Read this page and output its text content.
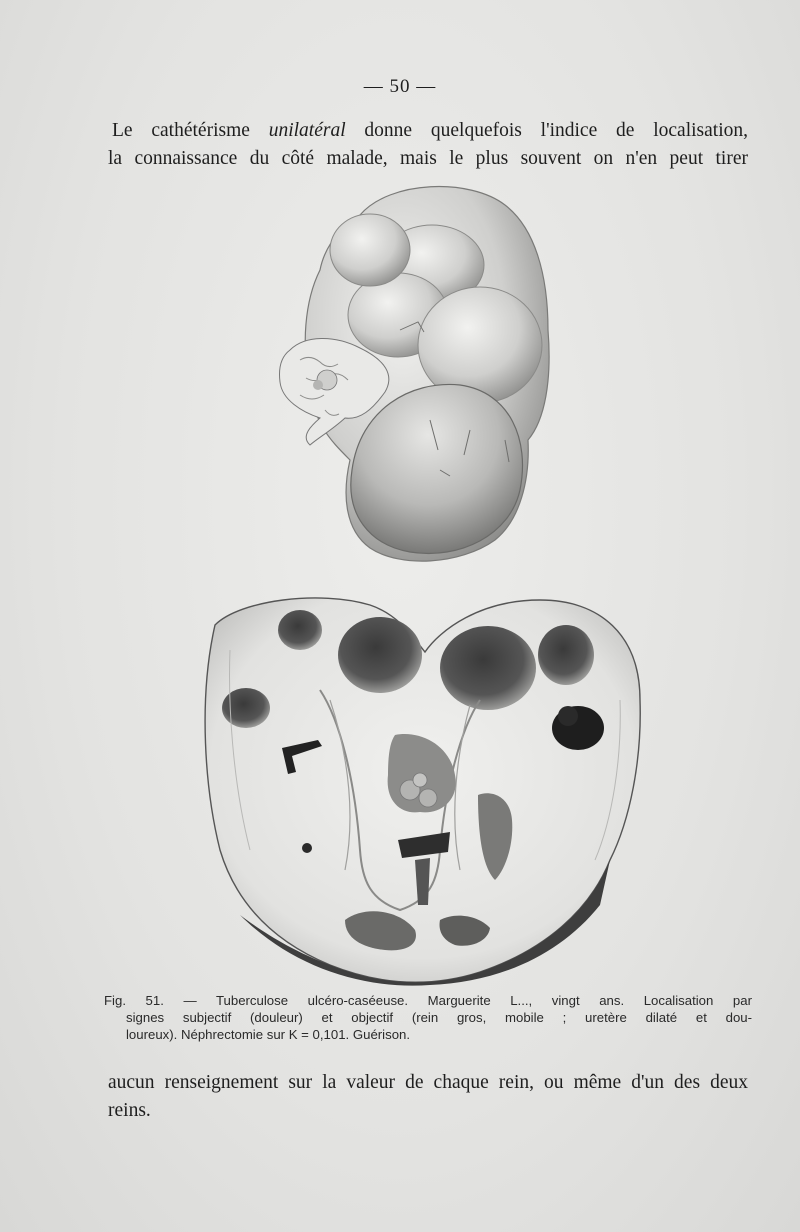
— 50 —
Le cathétérisme unilatéral donne quelquefois l'indice de localisation,
la connaissance du côté malade, mais le plus souvent on n'en peut tirer
Fig. 51. — Tuberculose ulcéro-caséeuse. Marguerite L..., vingt ans. Localisation par
signes subjectif (douleur) et objectif (rein gros, mobile ; uretère dilaté et dou-
loureux). Néphrectomie sur K = 0,101. Guérison.
aucun renseignement sur la valeur de chaque rein, ou même d'un des deux
reins.
